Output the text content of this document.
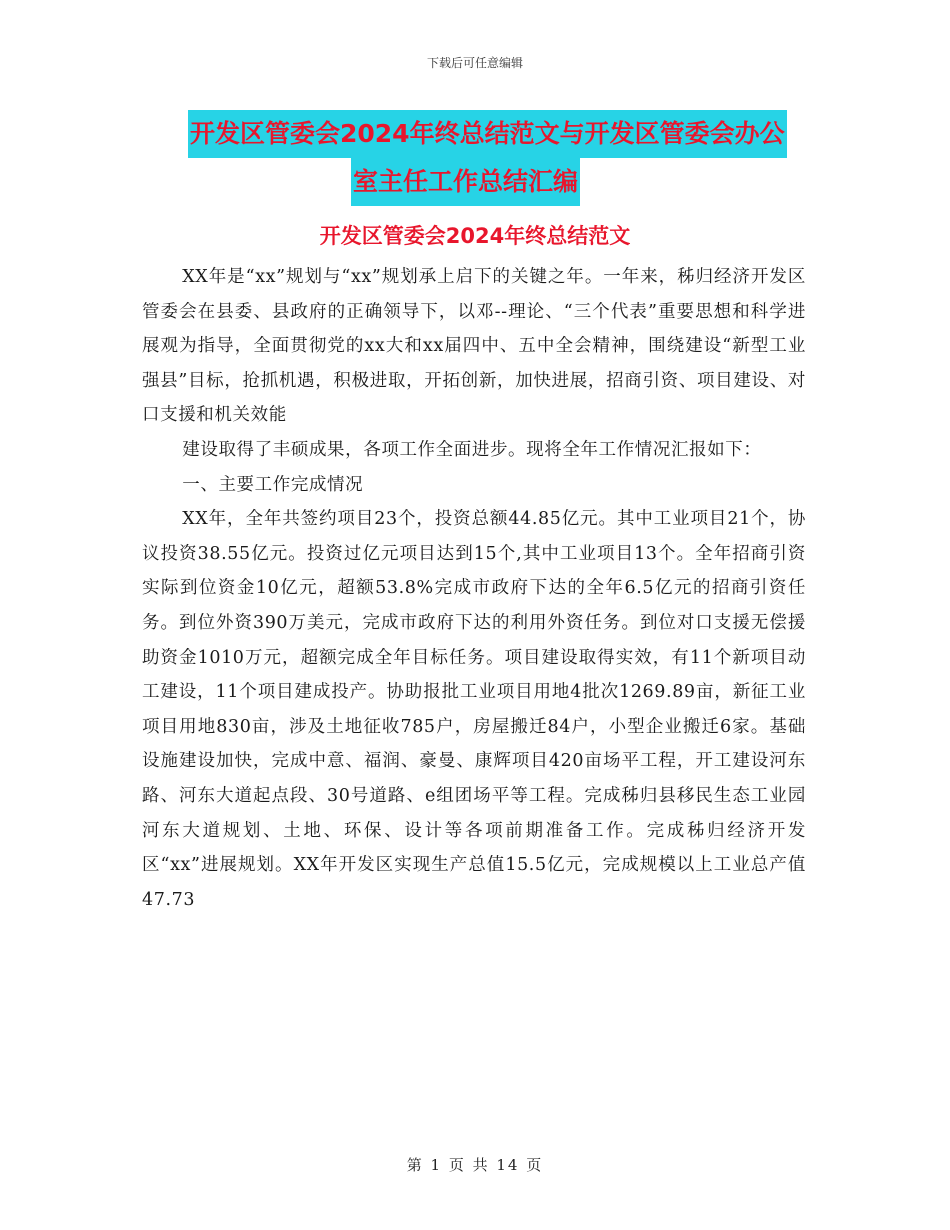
下载后可任意编辑
开发区管委会2024年终总结范文与开发区管委会办公
室主任工作总结汇编
开发区管委会2024年终总结范文

XX年是“xx”规划与“xx”规划承上启下的关键之年。一年来，秭归经济开发区管委会在县委、县政府的正确领导下，以邓--理论、“三个代表”重要思想和科学进展观为指导，全面贯彻党的xx大和xx届四中、五中全会精神，围绕建设“新型工业强县”目标，抢抓机遇，积极进取，开拓创新，加快进展，招商引资、项目建设、对口支援和机关效能

建设取得了丰硕成果，各项工作全面进步。现将全年工作情况汇报如下：

一、主要工作完成情况

XX年，全年共签约项目23个，投资总额44.85亿元。其中工业项目21个，协议投资38.55亿元。投资过亿元项目达到15个,其中工业项目13个。全年招商引资实际到位资金10亿元，超额53.8%完成市政府下达的全年6.5亿元的招商引资任务。到位外资390万美元，完成市政府下达的利用外资任务。到位对口支援无偿援助资金1010万元，超额完成全年目标任务。项目建设取得实效，有11个新项目动工建设，11个项目建成投产。协助报批工业项目用地4批次1269.89亩，新征工业项目用地830亩，涉及土地征收785户，房屋搬迁84户，小型企业搬迁6家。基础设施建设加快，完成中意、福润、豪曼、康辉项目420亩场平工程，开工建设河东路、河东大道起点段、30号道路、e组团场平等工程。完成秭归县移民生态工业园河东大道规划、土地、环保、设计等各项前期准备工作。完成秭归经济开发区“xx”进展规划。XX年开发区实现生产总值15.5亿元，完成规模以上工业总产值47.73

第 1 页 共 14 页
